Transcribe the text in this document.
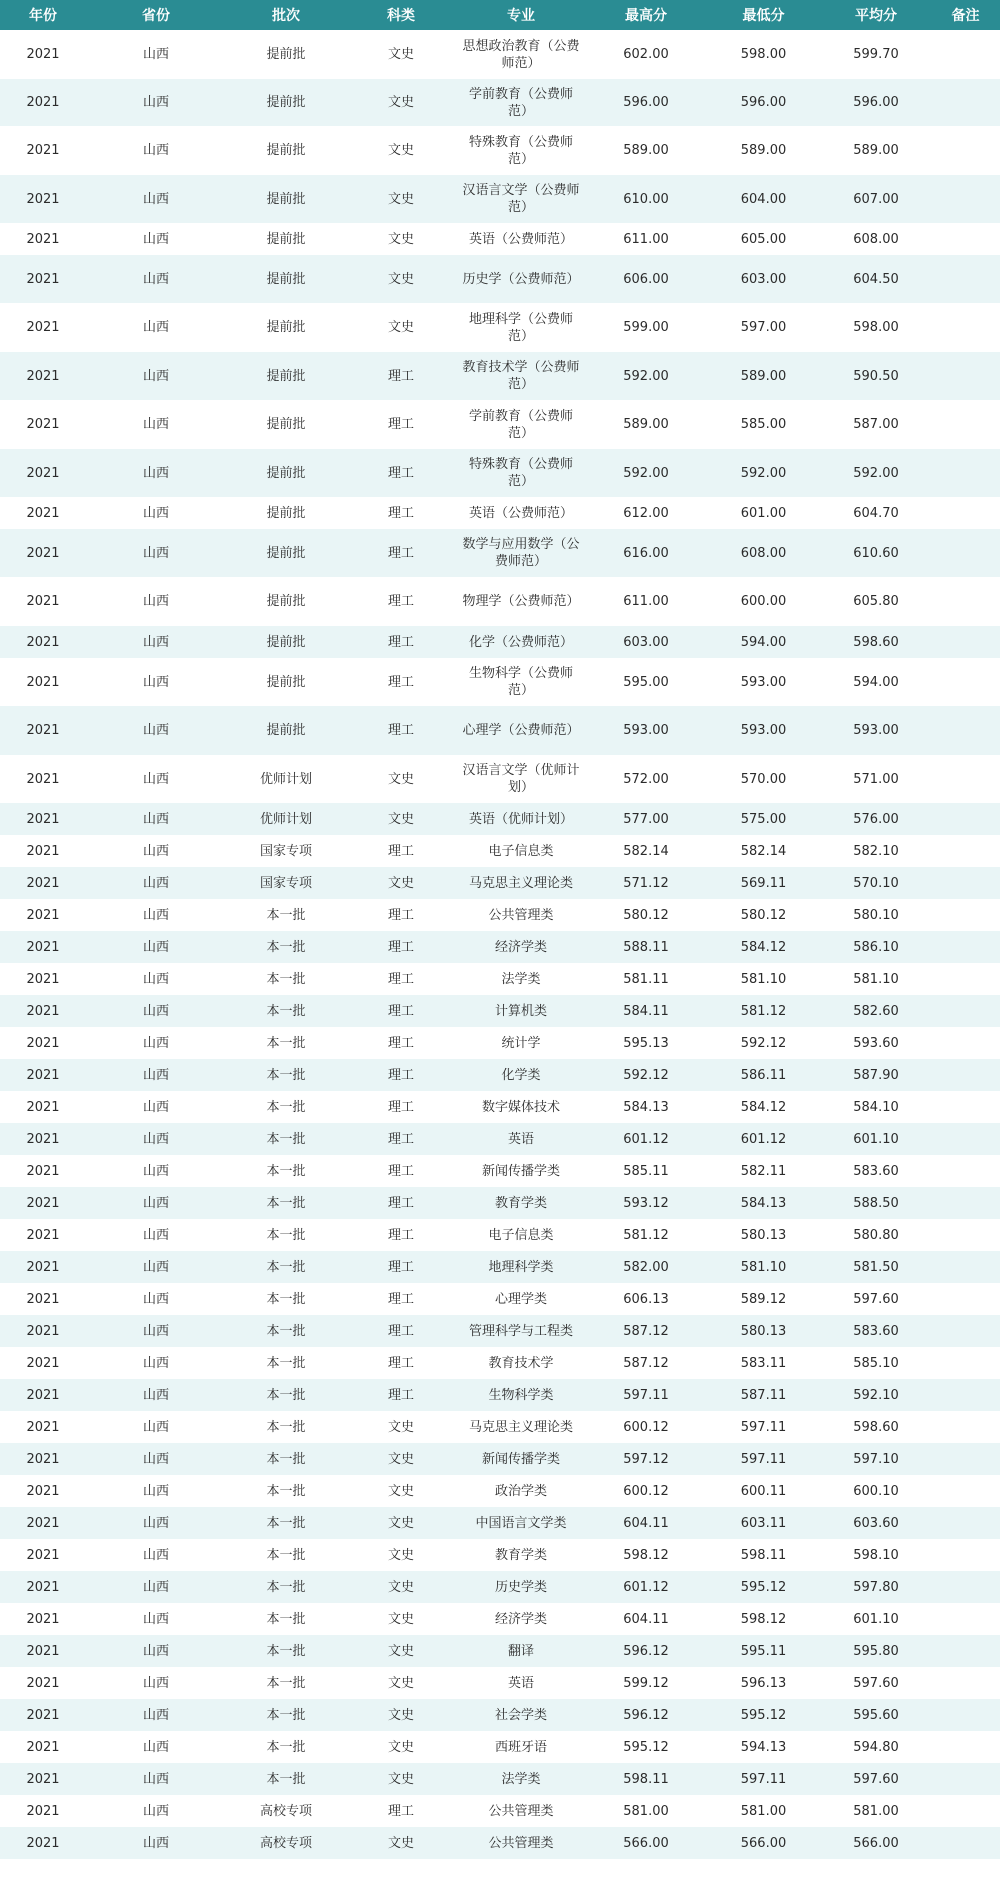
年份	省份	批次	科类	专业	最高分	最低分	平均分	备注
2021	山西	提前批	文史	思想政治教育（公费师范）	602.00	598.00	599.70	
2021	山西	提前批	文史	学前教育（公费师范）	596.00	596.00	596.00	
2021	山西	提前批	文史	特殊教育（公费师范）	589.00	589.00	589.00	
2021	山西	提前批	文史	汉语言文学（公费师范）	610.00	604.00	607.00	
2021	山西	提前批	文史	英语（公费师范）	611.00	605.00	608.00	
2021	山西	提前批	文史	历史学（公费师范）	606.00	603.00	604.50	
2021	山西	提前批	文史	地理科学（公费师范）	599.00	597.00	598.00	
2021	山西	提前批	理工	教育技术学（公费师范）	592.00	589.00	590.50	
2021	山西	提前批	理工	学前教育（公费师范）	589.00	585.00	587.00	
2021	山西	提前批	理工	特殊教育（公费师范）	592.00	592.00	592.00	
2021	山西	提前批	理工	英语（公费师范）	612.00	601.00	604.70	
2021	山西	提前批	理工	数学与应用数学（公费师范）	616.00	608.00	610.60	
2021	山西	提前批	理工	物理学（公费师范）	611.00	600.00	605.80	
2021	山西	提前批	理工	化学（公费师范）	603.00	594.00	598.60	
2021	山西	提前批	理工	生物科学（公费师范）	595.00	593.00	594.00	
2021	山西	提前批	理工	心理学（公费师范）	593.00	593.00	593.00	
2021	山西	优师计划	文史	汉语言文学（优师计划）	572.00	570.00	571.00	
2021	山西	优师计划	文史	英语（优师计划）	577.00	575.00	576.00	
2021	山西	国家专项	理工	电子信息类	582.14	582.14	582.10	
2021	山西	国家专项	文史	马克思主义理论类	571.12	569.11	570.10	
2021	山西	本一批	理工	公共管理类	580.12	580.12	580.10	
2021	山西	本一批	理工	经济学类	588.11	584.12	586.10	
2021	山西	本一批	理工	法学类	581.11	581.10	581.10	
2021	山西	本一批	理工	计算机类	584.11	581.12	582.60	
2021	山西	本一批	理工	统计学	595.13	592.12	593.60	
2021	山西	本一批	理工	化学类	592.12	586.11	587.90	
2021	山西	本一批	理工	数字媒体技术	584.13	584.12	584.10	
2021	山西	本一批	理工	英语	601.12	601.12	601.10	
2021	山西	本一批	理工	新闻传播学类	585.11	582.11	583.60	
2021	山西	本一批	理工	教育学类	593.12	584.13	588.50	
2021	山西	本一批	理工	电子信息类	581.12	580.13	580.80	
2021	山西	本一批	理工	地理科学类	582.00	581.10	581.50	
2021	山西	本一批	理工	心理学类	606.13	589.12	597.60	
2021	山西	本一批	理工	管理科学与工程类	587.12	580.13	583.60	
2021	山西	本一批	理工	教育技术学	587.12	583.11	585.10	
2021	山西	本一批	理工	生物科学类	597.11	587.11	592.10	
2021	山西	本一批	文史	马克思主义理论类	600.12	597.11	598.60	
2021	山西	本一批	文史	新闻传播学类	597.12	597.11	597.10	
2021	山西	本一批	文史	政治学类	600.12	600.11	600.10	
2021	山西	本一批	文史	中国语言文学类	604.11	603.11	603.60	
2021	山西	本一批	文史	教育学类	598.12	598.11	598.10	
2021	山西	本一批	文史	历史学类	601.12	595.12	597.80	
2021	山西	本一批	文史	经济学类	604.11	598.12	601.10	
2021	山西	本一批	文史	翻译	596.12	595.11	595.80	
2021	山西	本一批	文史	英语	599.12	596.13	597.60	
2021	山西	本一批	文史	社会学类	596.12	595.12	595.60	
2021	山西	本一批	文史	西班牙语	595.12	594.13	594.80	
2021	山西	本一批	文史	法学类	598.11	597.11	597.60	
2021	山西	高校专项	理工	公共管理类	581.00	581.00	581.00	
2021	山西	高校专项	文史	公共管理类	566.00	566.00	566.00	
